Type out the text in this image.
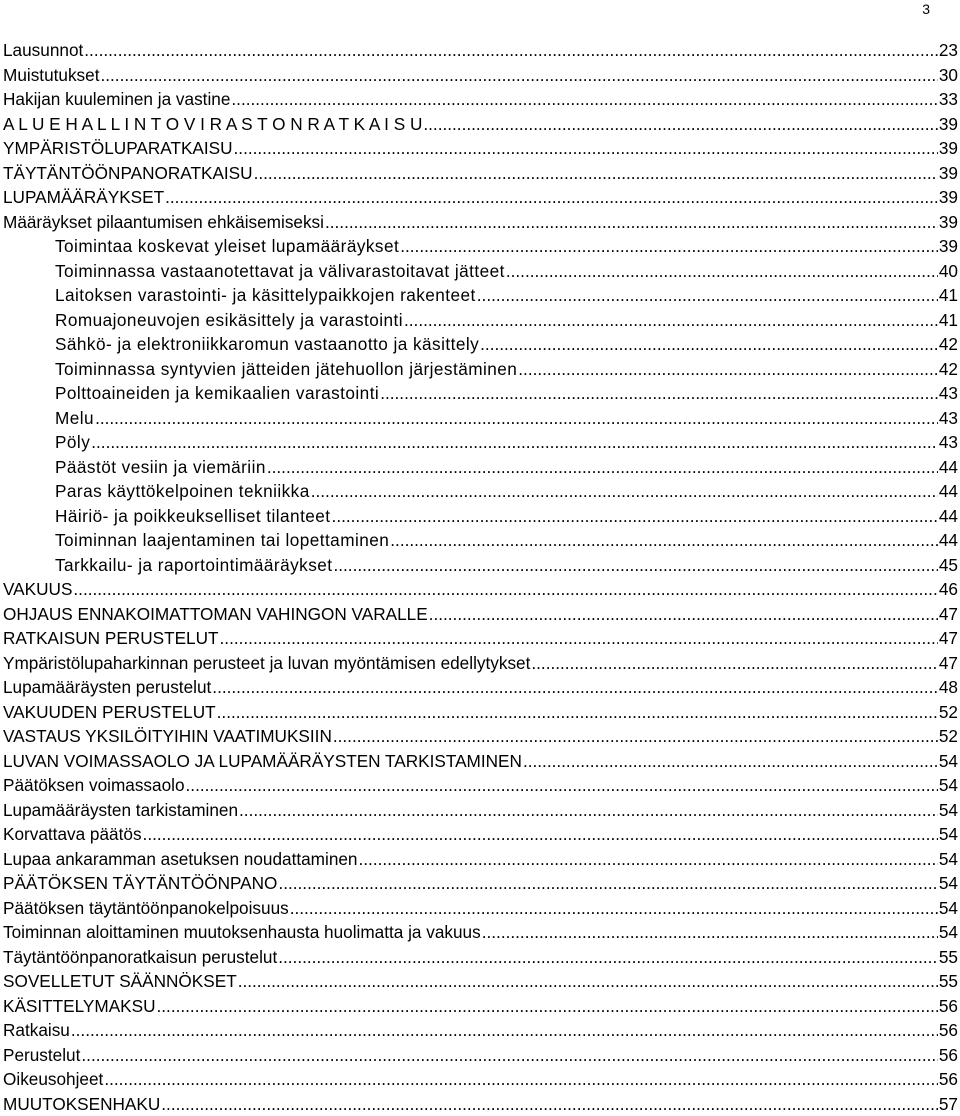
3
Lausunnot .....	23
Muistutukset .....	30
Hakijan kuuleminen ja vastine .....	33
A L U E H A L L I N T O V I R A S T O N R A T K A I S U .....	39
YMPÄRISTÖLUPARATKAISU .....	39
TÄYTÄNTÖÖNPANORATKAISU .....	39
LUPAMÄÄRÄYKSET .....	39
Määräykset pilaantumisen ehkäisemiseksi .....	39
Toimintaa koskevat yleiset lupamääräykset .....	39
Toiminnassa vastaanotettavat ja välivarastoitavat jätteet .....	40
Laitoksen varastointi- ja käsittelypaikkojen rakenteet .....	41
Romuajoneuvojen esikäsittely ja varastointi .....	41
Sähkö- ja elektroniikkaromun vastaanotto ja käsittely .....	42
Toiminnassa syntyvien jätteiden jätehuollon järjestäminen .....	42
Polttoaineiden ja kemikaalien varastointi .....	43
Melu .....	43
Pöly .....	43
Päästöt vesiin ja viemäriin .....	44
Paras käyttökelpoinen tekniikka .....	44
Häiriö- ja poikkeukselliset tilanteet .....	44
Toiminnan laajentaminen tai lopettaminen .....	44
Tarkkailu- ja raportointimääräykset .....	45
VAKUUS .....	46
OHJAUS ENNAKOIMATTOMAN VAHINGON VARALLE .....	47
RATKAISUN PERUSTELUT .....	47
Ympäristölupaharkinnan perusteet ja luvan myöntämisen edellytykset .....	47
Lupamääräysten perustelut .....	48
VAKUUDEN PERUSTELUT .....	52
VASTAUS YKSILÖITYIHIN VAATIMUKSIIN .....	52
LUVAN VOIMASSAOLO JA LUPAMÄÄRÄYSTEN TARKISTAMINEN .....	54
Päätöksen voimassaolo .....	54
Lupamääräysten tarkistaminen .....	54
Korvattava päätös .....	54
Lupaa ankaramman asetuksen noudattaminen .....	54
PÄÄTÖKSEN TÄYTÄNTÖÖNPANO .....	54
Päätöksen täytäntöönpanokelpoisuus .....	54
Toiminnan aloittaminen muutoksenhausta huolimatta ja vakuus .....	54
Täytäntöönpanoratkaisun perustelut .....	55
SOVELLETUT SÄÄNNÖKSET .....	55
KÄSITTELYMAKSU .....	56
Ratkaisu .....	56
Perustelut .....	56
Oikeusohjeet .....	56
MUUTOKSENHAKU .....	57
